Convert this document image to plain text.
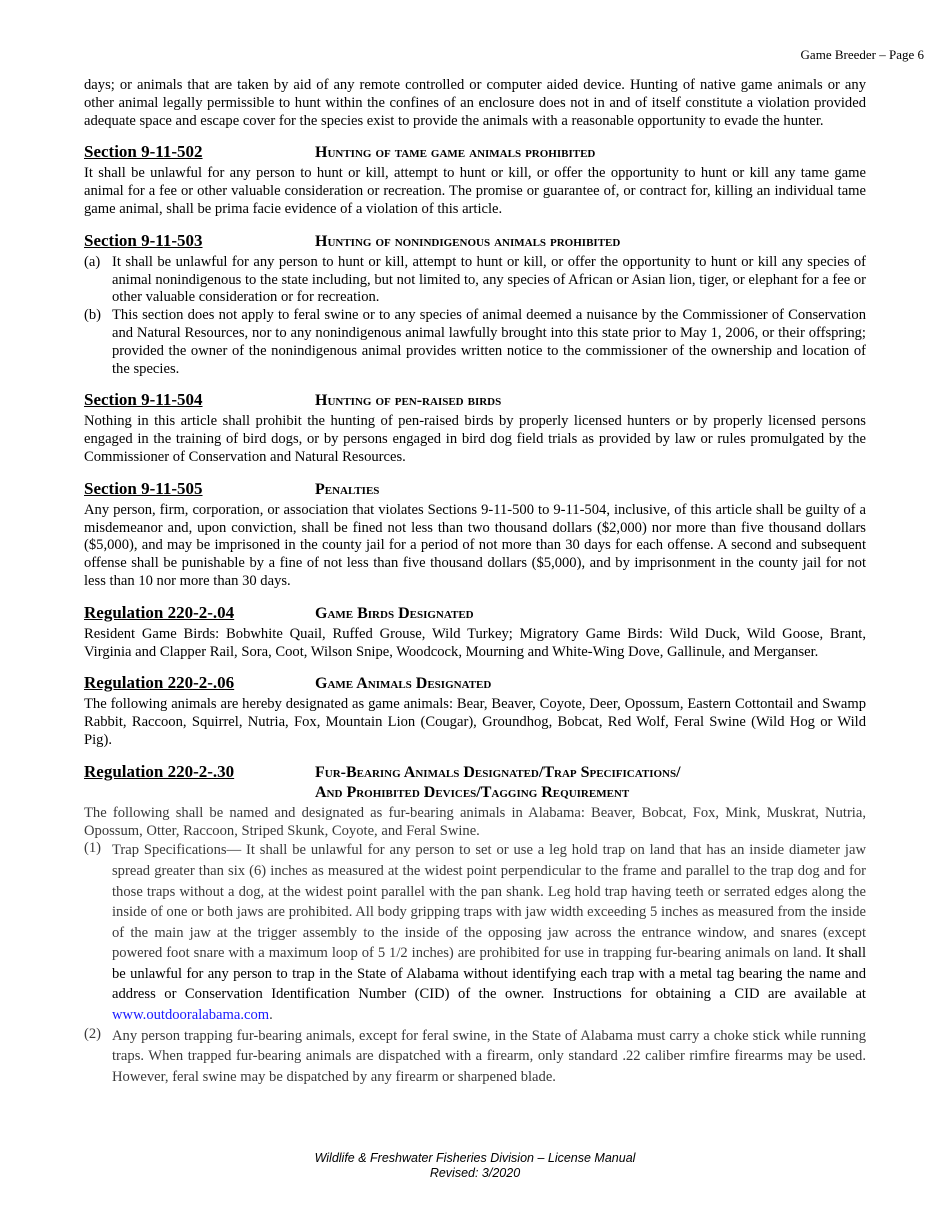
Game Breeder – Page 6

days; or animals that are taken by aid of any remote controlled or computer aided device. Hunting of native game animals or any other animal legally permissible to hunt within the confines of an enclosure does not in and of itself constitute a violation provided adequate space and escape cover for the species exist to provide the animals with a reasonable opportunity to evade the hunter.

Section 9-11-502	Hunting of tame game animals prohibited

It shall be unlawful for any person to hunt or kill, attempt to hunt or kill, or offer the opportunity to hunt or kill any tame game animal for a fee or other valuable consideration or recreation. The promise or guarantee of, or contract for, killing an individual tame game animal, shall be prima facie evidence of a violation of this article.

Section 9-11-503	Hunting of nonindigenous animals prohibited
(a) It shall be unlawful for any person to hunt or kill, attempt to hunt or kill, or offer the opportunity to hunt or kill any species of animal nonindigenous to the state including, but not limited to, any species of African or Asian lion, tiger, or elephant for a fee or other valuable consideration or for recreation.
(b) This section does not apply to feral swine or to any species of animal deemed a nuisance by the Commissioner of Conservation and Natural Resources, nor to any nonindigenous animal lawfully brought into this state prior to May 1, 2006, or their offspring; provided the owner of the nonindigenous animal provides written notice to the commissioner of the ownership and location of the species.
Section 9-11-504	Hunting of pen-raised birds

Nothing in this article shall prohibit the hunting of pen-raised birds by properly licensed hunters or by properly licensed persons engaged in the training of bird dogs, or by persons engaged in bird dog field trials as provided by law or rules promulgated by the Commissioner of Conservation and Natural Resources.

Section 9-11-505	Penalties

Any person, firm, corporation, or association that violates Sections 9-11-500 to 9-11-504, inclusive, of this article shall be guilty of a misdemeanor and, upon conviction, shall be fined not less than two thousand dollars ($2,000) nor more than five thousand dollars ($5,000), and may be imprisoned in the county jail for a period of not more than 30 days for each offense. A second and subsequent offense shall be punishable by a fine of not less than five thousand dollars ($5,000), and by imprisonment in the county jail for not less than 10 nor more than 30 days.

Regulation 220-2-.04	Game Birds Designated

Resident Game Birds: Bobwhite Quail, Ruffed Grouse, Wild Turkey; Migratory Game Birds: Wild Duck, Wild Goose, Brant, Virginia and Clapper Rail, Sora, Coot, Wilson Snipe, Woodcock, Mourning and White-Wing Dove, Gallinule, and Merganser.

Regulation 220-2-.06	Game Animals Designated

The following animals are hereby designated as game animals: Bear, Beaver, Coyote, Deer, Opossum, Eastern Cottontail and Swamp Rabbit, Raccoon, Squirrel, Nutria, Fox, Mountain Lion (Cougar), Groundhog, Bobcat, Red Wolf, Feral Swine (Wild Hog or Wild Pig).

Regulation 220-2-.30	Fur-Bearing Animals Designated/Trap Specifications/
And Prohibited Devices/Tagging Requirement

The following shall be named and designated as fur-bearing animals in Alabama: Beaver, Bobcat, Fox, Mink, Muskrat, Nutria, Opossum, Otter, Raccoon, Striped Skunk, Coyote, and Feral Swine.

(1) Trap Specifications— It shall be unlawful for any person to set or use a leg hold trap on land that has an inside diameter jaw spread greater than six (6) inches as measured at the widest point perpendicular to the frame and parallel to the trap dog and for those traps without a dog, at the widest point parallel with the pan shank. Leg hold trap having teeth or serrated edges along the inside of one or both jaws are prohibited. All body gripping traps with jaw width exceeding 5 inches as measured from the inside of the main jaw at the trigger assembly to the inside of the opposing jaw across the entrance window, and snares (except powered foot snare with a maximum loop of 5 1/2 inches) are prohibited for use in trapping fur-bearing animals on land. It shall be unlawful for any person to trap in the State of Alabama without identifying each trap with a metal tag bearing the name and address or Conservation Identification Number (CID) of the owner. Instructions for obtaining a CID are available at www.outdooralabama.com.
(2) Any person trapping fur-bearing animals, except for feral swine, in the State of Alabama must carry a choke stick while running traps. When trapped fur-bearing animals are dispatched with a firearm, only standard .22 caliber rimfire firearms may be used. However, feral swine may be dispatched by any firearm or sharpened blade.
Wildlife & Freshwater Fisheries Division – License Manual
Revised: 3/2020
